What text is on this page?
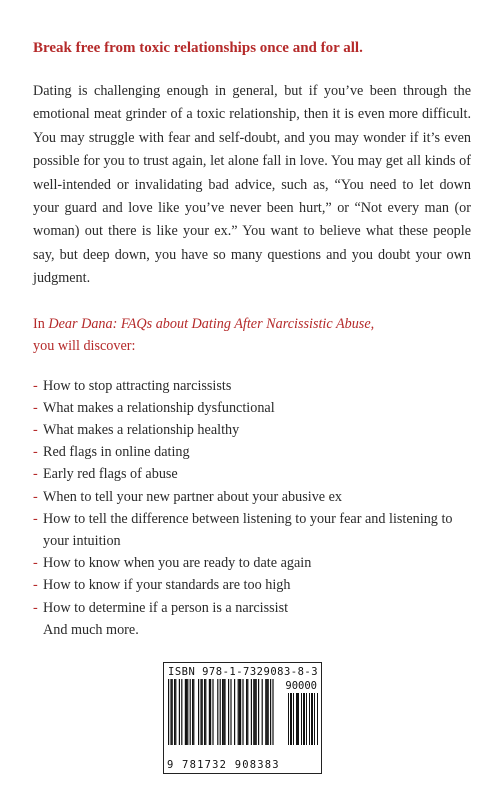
Break free from toxic relationships once and for all.

Dating is challenging enough in general, but if you’ve been through the emotional meat grinder of a toxic relationship, then it is even more difficult. You may struggle with fear and self-doubt, and you may wonder if it’s even possible for you to trust again, let alone fall in love. You may get all kinds of well-intended or invalidating bad advice, such as, “You need to let down your guard and love like you’ve never been hurt,” or “Not every man (or woman) out there is like your ex.” You want to believe what these people say, but deep down, you have so many questions and you doubt your own judgment.

In Dear Dana: FAQs about Dating After Narcissistic Abuse,
you will discover:

- How to stop attracting narcissists
- What makes a relationship dysfunctional
- What makes a relationship healthy
- Red flags in online dating
- Early red flags of abuse
- When to tell your new partner about your abusive ex
- How to tell the difference between listening to your fear and listening to your intuition
- How to know when you are ready to date again
- How to know if your standards are too high
- How to determine if a person is a narcissist
And much more.
ISBN 978-1-7329083-8-3
90000
9 781732 908383
